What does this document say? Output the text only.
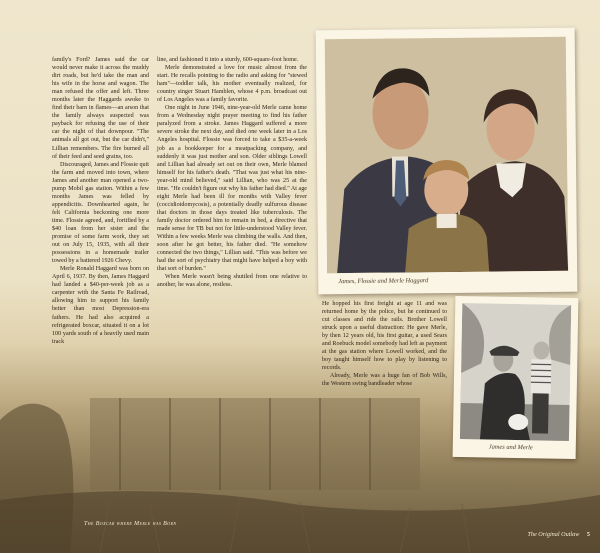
family's Ford? James said the car would never make it across the muddy dirt roads, but he'd take the man and his wife in the horse and wagon. The man refused the offer and left. Three months later the Haggards awoke to find their barn in flames—an arson that the family always suspected was payback for refusing the use of their car the night of that downpour. "The animals all got out, but the car didn't," Lillian remembers. The fire burned all of their feed and seed grains, too.

Discouraged, James and Flossie quit the farm and moved into town, where James and another man opened a two-pump Mobil gas station. Within a few months James was felled by appendicitis. Downhearted again, he felt California beckoning one more time. Flossie agreed, and, fortified by a $40 loan from her sister and the promise of some farm work, they set out on July 15, 1935, with all their possessions in a homemade trailer towed by a battered 1926 Chevy.

Merle Ronald Haggard was born on April 6, 1937. By then, James Haggard had landed a $40-per-week job as a carpenter with the Santa Fe Railroad, allowing him to support his family better than most Depression-era fathers. He had also acquired a refrigerated boxcar, situated it on a lot 100 yards south of a heavily used main track

line, and fashioned it into a sturdy, 600-square-foot home.

Merle demonstrated a love for music almost from the start. He recalls pointing to the radio and asking for "stewed ham"—toddler talk, his mother eventually realized, for country singer Stuart Hamblen, whose 4 p.m. broadcast out of Los Angeles was a family favorite.

One night in June 1946, nine-year-old Merle came home from a Wednesday night prayer meeting to find his father paralyzed from a stroke. James Haggard suffered a more severe stroke the next day, and died one week later in a Los Angeles hospital. Flossie was forced to take a $35-a-week job as a bookkeeper for a meatpacking company, and suddenly it was just mother and son. Older siblings Lowell and Lillian had already set out on their own, Merle blamed himself for his father's death. "That was just what his nine-year-old mind believed," said Lillian, who was 25 at the time. "He couldn't figure out why his father had died." At age eight Merle had been ill for months with Valley fever (coccidioidomycosis), a potentially deadly sulfurous disease that doctors in those days treated like tuberculosis. The family doctor ordered him to remain in bed, a directive that made sense for TB but not for little-understood Valley fever. Within a few weeks Merle was climbing the walls. And then, soon after he got better, his father died. "He somehow connected the two things," Lillian said. "This was before we had the sort of psychiatry that might have helped a boy with that sort of burden."

When Merle wasn't being shuttled from one relative to another, he was alone, restless.

James, Flossie and Merle Haggard

He hopped his first freight at age 11 and was returned home by the police, but he continued to cut classes and ride the rails. Brother Lowell struck upon a useful distraction: He gave Merle, by then 12 years old, his first guitar, a used Sears and Roebuck model somebody had left as payment at the gas station where Lowell worked, and the boy taught himself how to play by listening to records.

Already, Merle was a huge fan of Bob Wills, the Western swing bandleader whose

James and Merle
The Boxcar where Merle was Born
The Original Outlaw 5
